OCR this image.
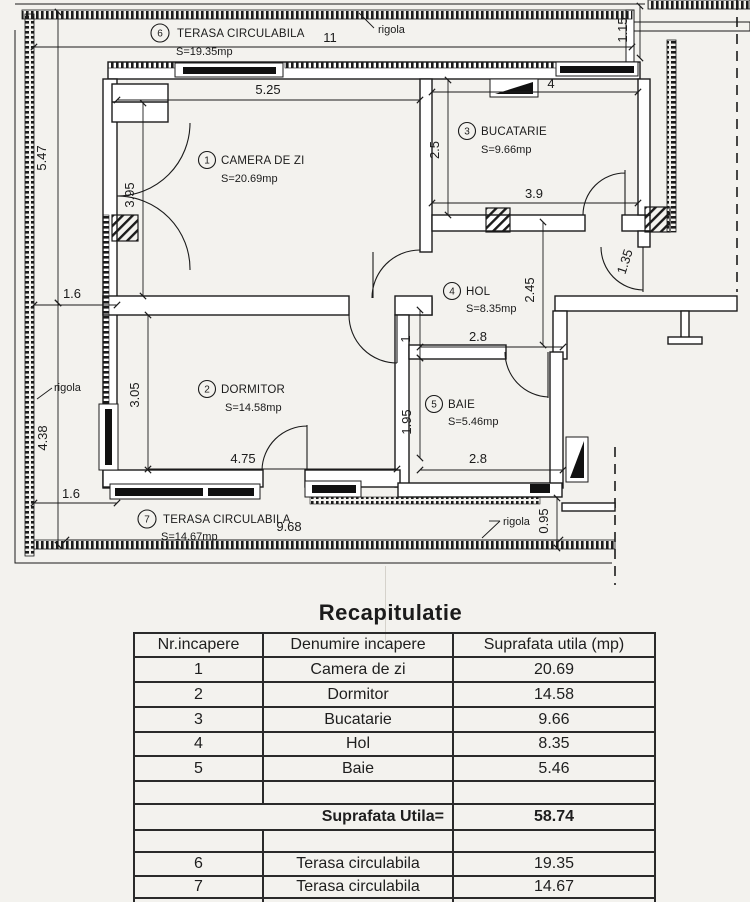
11
5.25
5.47
4.38
1.6
1.6
3.95
3.05
4.75
4
2.5
3.9
1.15
2.45
1	2.8
1.95
2.8
1.35
9.68	0.95
rigola
rigola
rigola
1 CAMERA DE ZI
S=20.69mp
2 DORMITOR
S=14.58mp
3 BUCATARIE
S=9.66mp
4 HOL
S=8.35mp
5 BAIE
S=5.46mp
6 TERASA CIRCULABILA
S=19.35mp
7 TERASA CIRCULABILA
S=14.67mp
Recapitulatie
Nr.incapere	Denumire incapere	Suprafata utila (mp)
1	Camera de zi	20.69
2	Dormitor	14.58
3	Bucatarie	9.66
4	Hol	8.35
5	Baie	5.46

Suprafata Utila=		58.74

6	Terasa circulabila	19.35
7	Terasa circulabila	14.67
